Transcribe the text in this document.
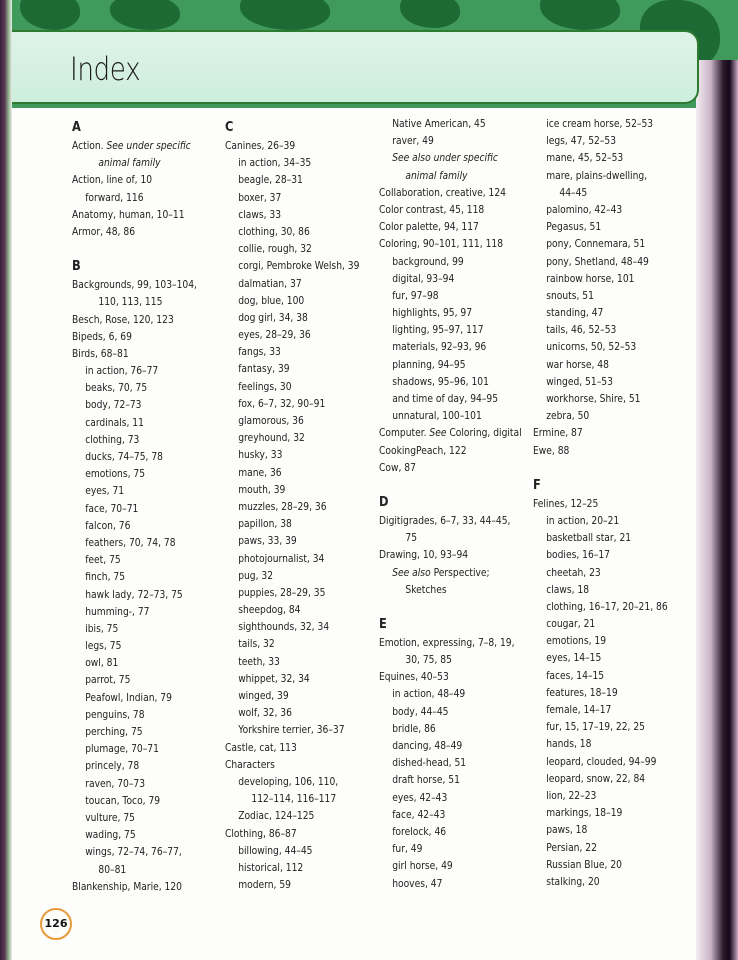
Index
A
Action. See under specific
animal family
Action, line of, 10
forward, 116
Anatomy, human, 10–11
Armor, 48, 86
B
Backgrounds, 99, 103–104,
110, 113, 115
Besch, Rose, 120, 123
Bipeds, 6, 69
Birds, 68–81
in action, 76–77
beaks, 70, 75
body, 72–73
cardinals, 11
clothing, 73
ducks, 74–75, 78
emotions, 75
eyes, 71
face, 70–71
falcon, 76
feathers, 70, 74, 78
feet, 75
finch, 75
hawk lady, 72–73, 75
humming-, 77
ibis, 75
legs, 75
owl, 81
parrot, 75
Peafowl, Indian, 79
penguins, 78
perching, 75
plumage, 70–71
princely, 78
raven, 70–73
toucan, Toco, 79
vulture, 75
wading, 75
wings, 72–74, 76–77,
80–81
Blankenship, Marie, 120
C
Canines, 26–39
in action, 34–35
beagle, 28–31
boxer, 37
claws, 33
clothing, 30, 86
collie, rough, 32
corgi, Pembroke Welsh, 39
dalmatian, 37
dog, blue, 100
dog girl, 34, 38
eyes, 28–29, 36
fangs, 33
fantasy, 39
feelings, 30
fox, 6–7, 32, 90–91
glamorous, 36
greyhound, 32
husky, 33
mane, 36
mouth, 39
muzzles, 28–29, 36
papillon, 38
paws, 33, 39
photojournalist, 34
pug, 32
puppies, 28–29, 35
sheepdog, 84
sighthounds, 32, 34
tails, 32
teeth, 33
whippet, 32, 34
winged, 39
wolf, 32, 36
Yorkshire terrier, 36–37
Castle, cat, 113
Characters
developing, 106, 110,
112–114, 116–117
Zodiac, 124–125
Clothing, 86–87
billowing, 44–45
historical, 112
modern, 59
Native American, 45
raver, 49
See also under specific
animal family
Collaboration, creative, 124
Color contrast, 45, 118
Color palette, 94, 117
Coloring, 90–101, 111, 118
background, 99
digital, 93–94
fur, 97–98
highlights, 95, 97
lighting, 95–97, 117
materials, 92–93, 96
planning, 94–95
shadows, 95–96, 101
and time of day, 94–95
unnatural, 100–101
Computer. See Coloring, digital
CookingPeach, 122
Cow, 87
D
Digitigrades, 6–7, 33, 44–45,
75
Drawing, 10, 93–94
See also Perspective;
Sketches
E
Emotion, expressing, 7–8, 19,
30, 75, 85
Equines, 40–53
in action, 48–49
body, 44–45
bridle, 86
dancing, 48–49
dished-head, 51
draft horse, 51
eyes, 42–43
face, 42–43
forelock, 46
fur, 49
girl horse, 49
hooves, 47
ice cream horse, 52–53
legs, 47, 52–53
mane, 45, 52–53
mare, plains-dwelling,
44–45
palomino, 42–43
Pegasus, 51
pony, Connemara, 51
pony, Shetland, 48–49
rainbow horse, 101
snouts, 51
standing, 47
tails, 46, 52–53
unicorns, 50, 52–53
war horse, 48
winged, 51–53
workhorse, Shire, 51
zebra, 50
Ermine, 87
Ewe, 88
F
Felines, 12–25
in action, 20–21
basketball star, 21
bodies, 16–17
cheetah, 23
claws, 18
clothing, 16–17, 20–21, 86
cougar, 21
emotions, 19
eyes, 14–15
faces, 14–15
features, 18–19
female, 14–17
fur, 15, 17–19, 22, 25
hands, 18
leopard, clouded, 94–99
leopard, snow, 22, 84
lion, 22–23
markings, 18–19
paws, 18
Persian, 22
Russian Blue, 20
stalking, 20
126
